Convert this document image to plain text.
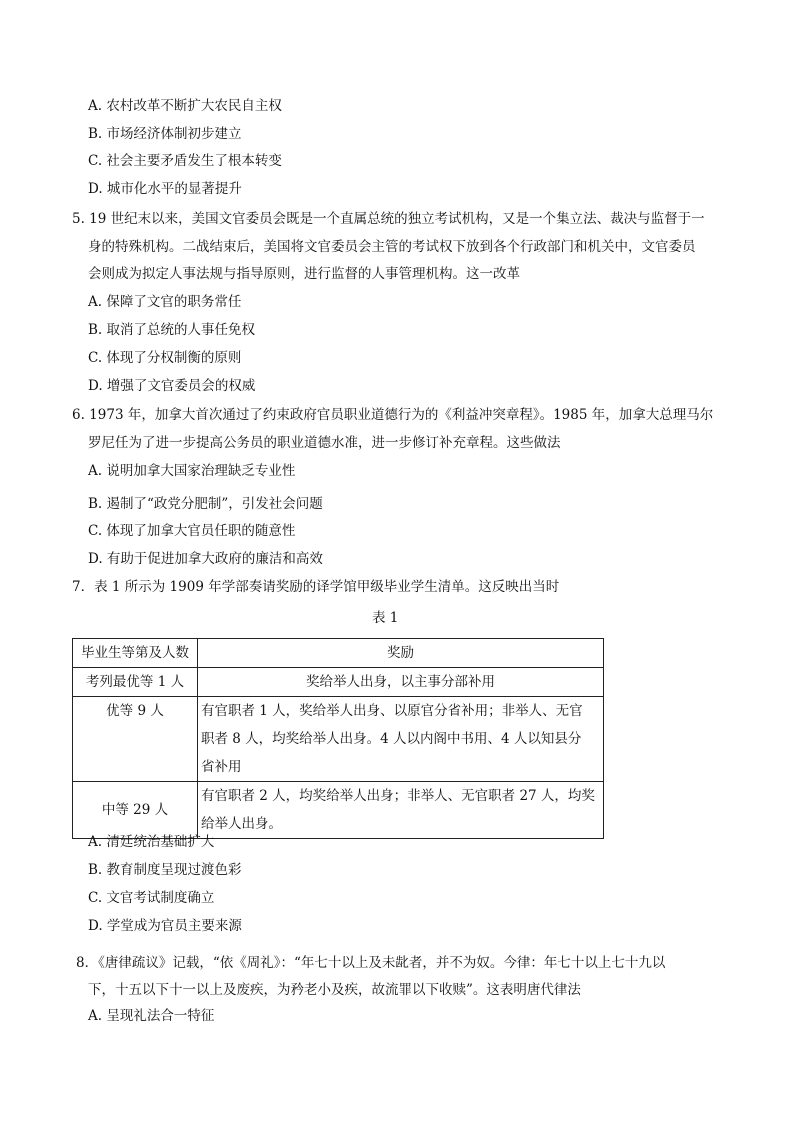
A. 农村改革不断扩大农民自主权
B. 市场经济体制初步建立
C. 社会主要矛盾发生了根本转变
D. 城市化水平的显著提升
5. 19 世纪末以来，美国文官委员会既是一个直属总统的独立考试机构，又是一个集立法、裁决与监督于一
身的特殊机构。二战结束后，美国将文官委员会主管的考试权下放到各个行政部门和机关中，文官委员
会则成为拟定人事法规与指导原则，进行监督的人事管理机构。这一改革
A. 保障了文官的职务常任
B. 取消了总统的人事任免权
C. 体现了分权制衡的原则
D. 增强了文官委员会的权威
6. 1973 年，加拿大首次通过了约束政府官员职业道德行为的《利益冲突章程》。1985 年，加拿大总理马尔
罗尼任为了进一步提高公务员的职业道德水准，进一步修订补充章程。这些做法
A. 说明加拿大国家治理缺乏专业性
B. 遏制了“政党分肥制”，引发社会问题
C. 体现了加拿大官员任职的随意性
D. 有助于促进加拿大政府的廉洁和高效
7．表 1 所示为 1909 年学部奏请奖励的译学馆甲级毕业学生清单。这反映出当时
表 1
毕业生等第及人数	奖励
考列最优等 1 人	奖给举人出身，以主事分部补用
优等 9 人	有官职者 1 人，奖给举人出身、以原官分省补用；非举人、无官
职者 8 人，均奖给举人出身。4 人以内阁中书用、4 人以知县分
省补用

中等 29 人	有官职者 2 人，均奖给举人出身；非举人、无官职者 27 人，均奖
给举人出身。
A. 清廷统治基础扩大
B. 教育制度呈现过渡色彩
C. 文官考试制度确立
D. 学堂成为官员主要来源
8．《唐律疏议》记载，“依《周礼》：“年七十以上及未龀者，并不为奴。今律：年七十以上七十九以
下，十五以下十一以上及废疾，为矜老小及疾，故流罪以下收赎”。这表明唐代律法
A. 呈现礼法合一特征
